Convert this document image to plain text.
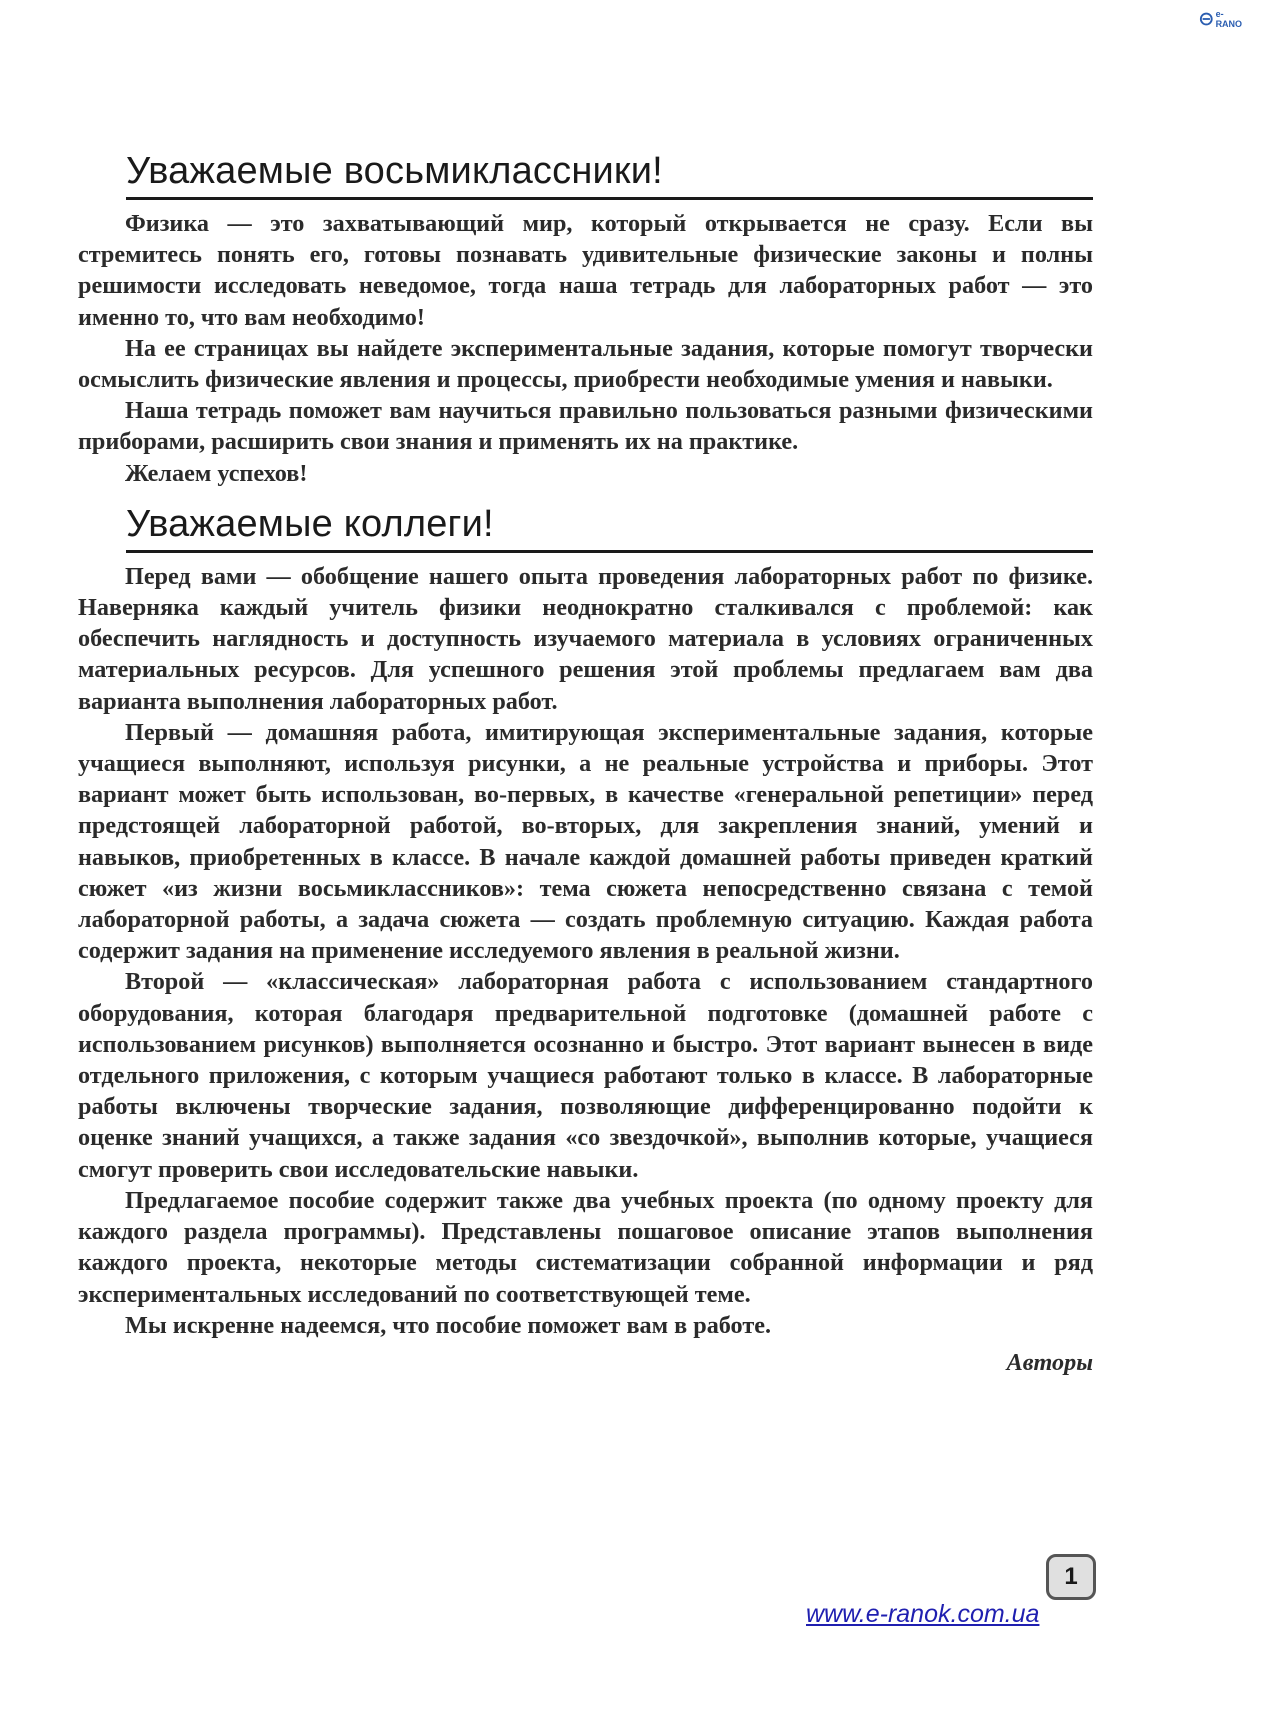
e-RANO
Уважаемые восьмиклассники!

Физика — это захватывающий мир, который открывается не сразу. Если вы стремитесь понять его, готовы познавать удивительные физические законы и полны решимости исследовать неведомое, тогда наша тетрадь для лабораторных работ — это именно то, что вам необходимо!

На ее страницах вы найдете экспериментальные задания, которые помогут творчески осмыслить физические явления и процессы, приобрести необходимые умения и навыки.

Наша тетрадь поможет вам научиться правильно пользоваться разными физическими приборами, расширить свои знания и применять их на практике.

Желаем успехов!

Уважаемые коллеги!

Перед вами — обобщение нашего опыта проведения лабораторных работ по физике. Наверняка каждый учитель физики неоднократно сталкивался с проблемой: как обеспечить наглядность и доступность изучаемого материала в условиях ограниченных материальных ресурсов. Для успешного решения этой проблемы предлагаем вам два варианта выполнения лабораторных работ.

Первый — домашняя работа, имитирующая экспериментальные задания, которые учащиеся выполняют, используя рисунки, а не реальные устройства и приборы. Этот вариант может быть использован, во-первых, в качестве «генеральной репетиции» перед предстоящей лабораторной работой, во-вторых, для закрепления знаний, умений и навыков, приобретенных в классе. В начале каждой домашней работы приведен краткий сюжет «из жизни восьмиклассников»: тема сюжета непосредственно связана с темой лабораторной работы, а задача сюжета — создать проблемную ситуацию. Каждая работа содержит задания на применение исследуемого явления в реальной жизни.

Второй — «классическая» лабораторная работа с использованием стандартного оборудования, которая благодаря предварительной подготовке (домашней работе с использованием рисунков) выполняется осознанно и быстро. Этот вариант вынесен в виде отдельного приложения, с которым учащиеся работают только в классе. В лабораторные работы включены творческие задания, позволяющие дифференцированно подойти к оценке знаний учащихся, а также задания «со звездочкой», выполнив которые, учащиеся смогут проверить свои исследовательские навыки.

Предлагаемое пособие содержит также два учебных проекта (по одному проекту для каждого раздела программы). Представлены пошаговое описание этапов выполнения каждого проекта, некоторые методы систематизации собранной информации и ряд экспериментальных исследований по соответствующей теме.

Мы искренне надеемся, что пособие поможет вам в работе.

Авторы

1
www.e-ranok.com.ua
